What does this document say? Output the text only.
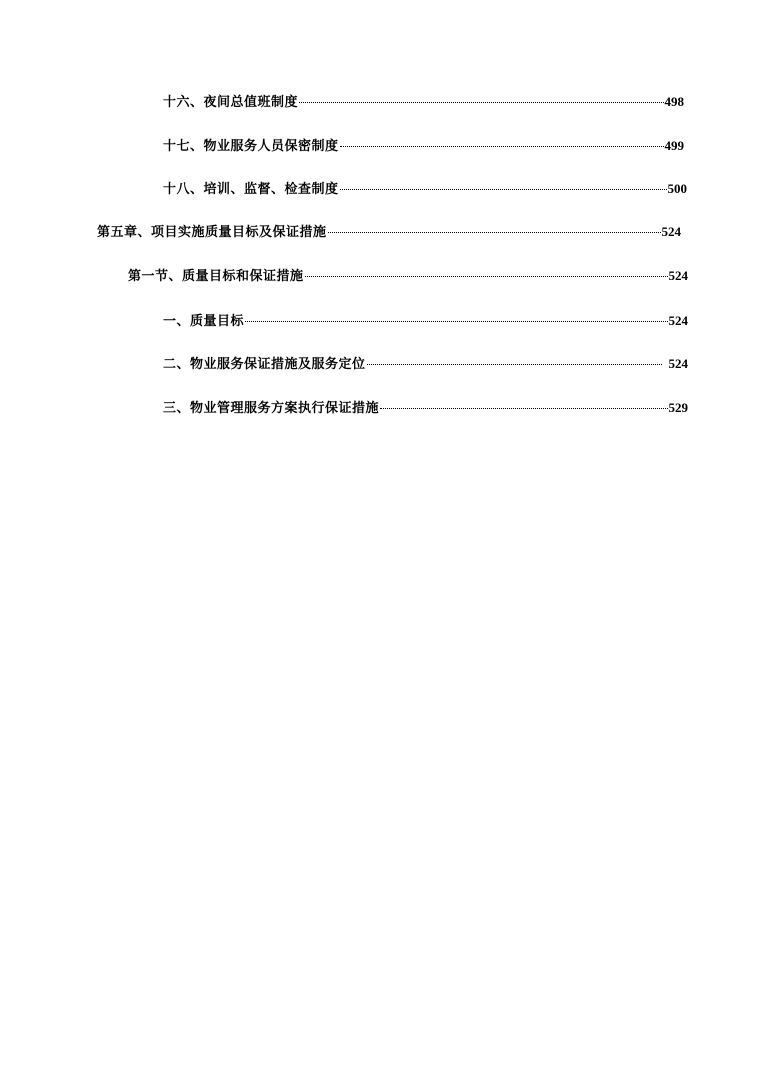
十六、夜间总值班制度	498
十七、物业服务人员保密制度	499
十八、培训、监督、检查制度	500
第五章、项目实施质量目标及保证措施	524
第一节、质量目标和保证措施	524
一、质量目标	524
二、物业服务保证措施及服务定位	524
三、物业管理服务方案执行保证措施	529
